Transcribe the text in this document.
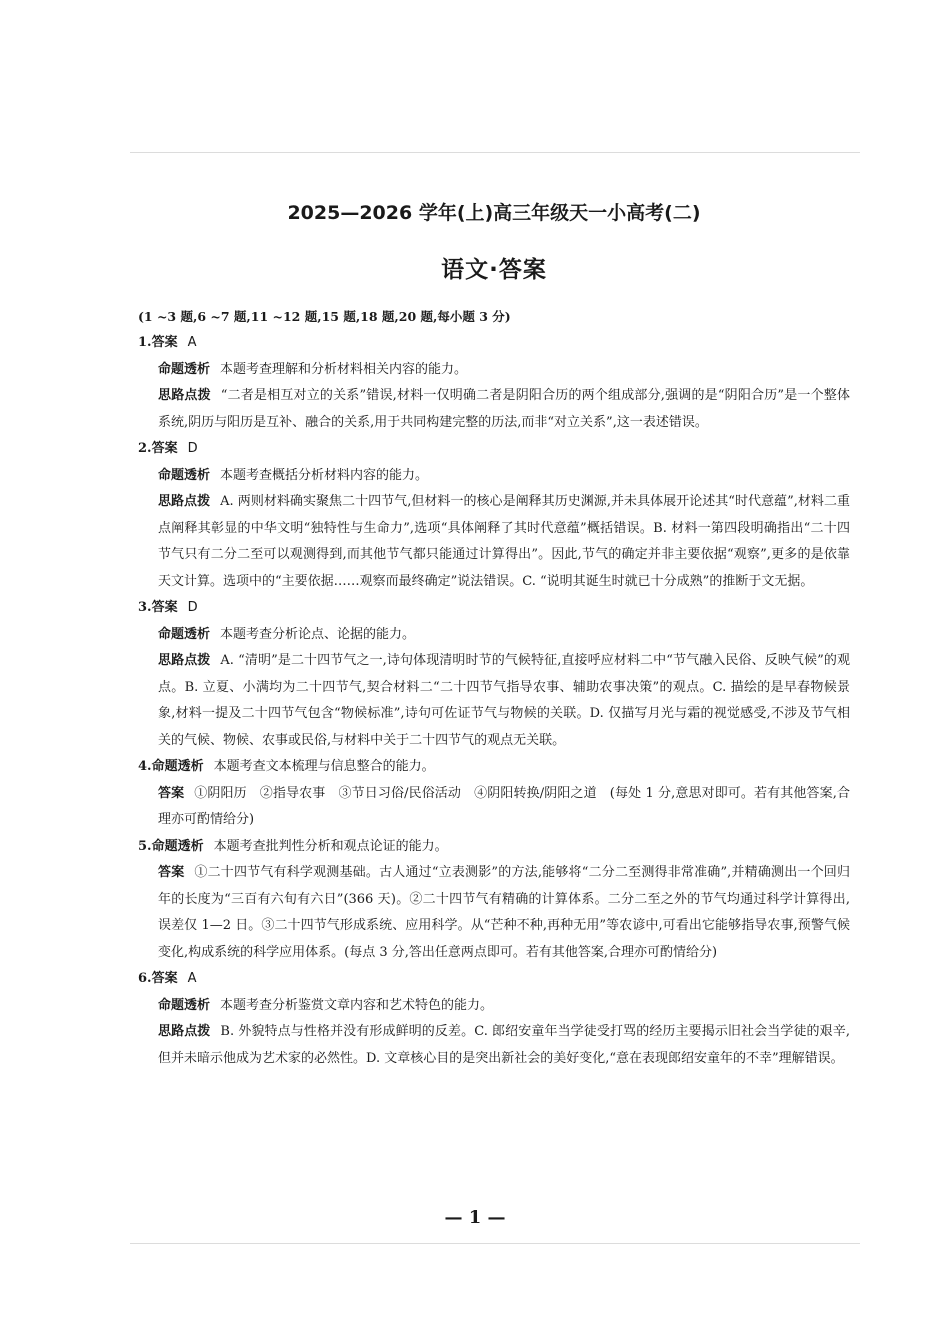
2025—2026 学年(上)高三年级天一小高考(二)
语文·答案

(1 ~3 题,6 ~7 题,11 ~12 题,15 题,18 题,20 题,每小题 3 分)

1.答案 A

命题透析 本题考查理解和分析材料相关内容的能力。

思路点拨 “二者是相互对立的关系”错误,材料一仅明确二者是阴阳合历的两个组成部分,强调的是“阴阳合历”是一个整体系统,阴历与阳历是互补、融合的关系,用于共同构建完整的历法,而非“对立关系”,这一表述错误。

2.答案 D

命题透析 本题考查概括分析材料内容的能力。

思路点拨 A. 两则材料确实聚焦二十四节气,但材料一的核心是阐释其历史渊源,并未具体展开论述其“时代意蕴”,材料二重点阐释其彰显的中华文明“独特性与生命力”,选项“具体阐释了其时代意蕴”概括错误。B. 材料一第四段明确指出“二十四节气只有二分二至可以观测得到,而其他节气都只能通过计算得出”。因此,节气的确定并非主要依据“观察”,更多的是依靠天文计算。选项中的“主要依据……观察而最终确定”说法错误。C. “说明其诞生时就已十分成熟”的推断于文无据。

3.答案 D

命题透析 本题考查分析论点、论据的能力。

思路点拨 A. “清明”是二十四节气之一,诗句体现清明时节的气候特征,直接呼应材料二中“节气融入民俗、反映气候”的观点。B. 立夏、小满均为二十四节气,契合材料二“二十四节气指导农事、辅助农事决策”的观点。C. 描绘的是早春物候景象,材料一提及二十四节气包含“物候标准”,诗句可佐证节气与物候的关联。D. 仅描写月光与霜的视觉感受,不涉及节气相关的气候、物候、农事或民俗,与材料中关于二十四节气的观点无关联。

4.命题透析 本题考查文本梳理与信息整合的能力。

答案 ①阴阳历　②指导农事　③节日习俗/民俗活动　④阴阳转换/阴阳之道　(每处 1 分,意思对即可。若有其他答案,合理亦可酌情给分)

5.命题透析 本题考查批判性分析和观点论证的能力。

答案 ①二十四节气有科学观测基础。古人通过“立表测影”的方法,能够将“二分二至测得非常准确”,并精确测出一个回归年的长度为“三百有六旬有六日”(366 天)。②二十四节气有精确的计算体系。二分二至之外的节气均通过科学计算得出,误差仅 1—2 日。③二十四节气形成系统、应用科学。从“芒种不种,再种无用”等农谚中,可看出它能够指导农事,预警气候变化,构成系统的科学应用体系。(每点 3 分,答出任意两点即可。若有其他答案,合理亦可酌情给分)

6.答案 A

命题透析 本题考查分析鉴赏文章内容和艺术特色的能力。

思路点拨 B. 外貌特点与性格并没有形成鲜明的反差。C. 郎绍安童年当学徒受打骂的经历主要揭示旧社会当学徒的艰辛,但并未暗示他成为艺术家的必然性。D. 文章核心目的是突出新社会的美好变化,“意在表现郎绍安童年的不幸”理解错误。

— 1 —
